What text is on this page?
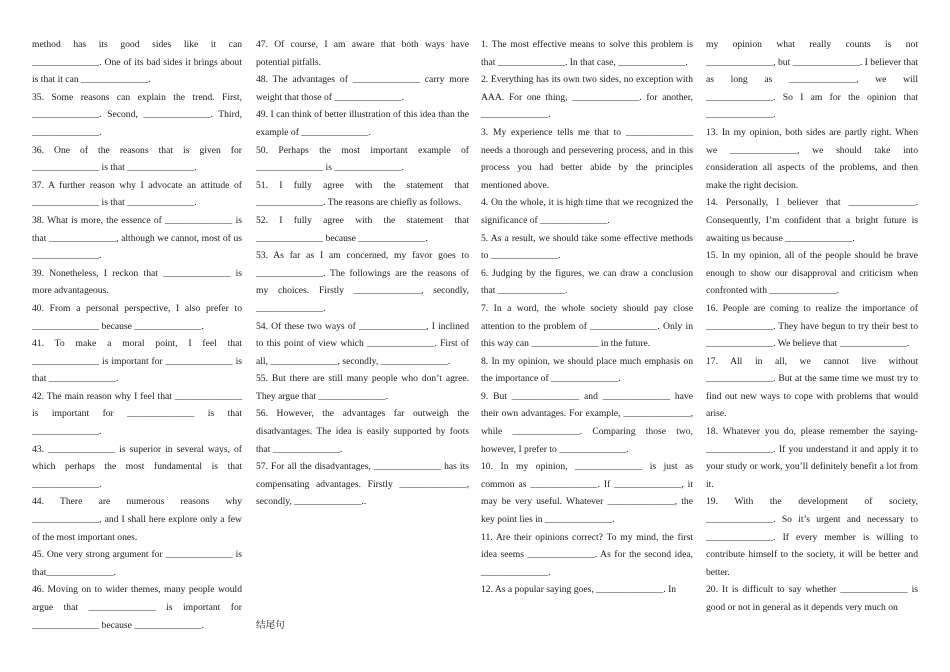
method has its good sides like it can ______________. One of its bad sides it brings about is that it can ______________.

35. Some reasons can explain the trend. First, ______________. Second, ______________. Third, ______________.

36. One of the reasons that is given for ______________ is that ______________.

37. A further reason why I advocate an attitude of ______________ is that ______________.

38. What is more, the essence of ______________ is that ______________, although we cannot, most of us ______________.

39. Nonetheless, I reckon that ______________ is more advantageous.

40. From a personal perspective, I also prefer to ______________ because ______________.

41. To make a moral point, I feel that ______________ is important for ______________ is that ______________.

42. The main reason why I feel that ______________ is important for ______________ is that ______________.

43. ______________ is superior in several ways, of which perhaps the most fundamental is that ______________.

44. There are numerous reasons why ______________, and I shall here explore only a few of the most important ones.

45. One very strong argument for ______________ is that______________.

46. Moving on to wider themes, many people would argue that ______________ is important for ______________ because ______________.

47. Of course, I am aware that both ways have potential pitfalls.

48. The advantages of ______________ carry more weight that those of ______________.

49. I can think of better illustration of this idea than the example of ______________.

50. Perhaps the most important example of ______________ is ______________.

51. I fully agree with the statement that ______________. The reasons are chiefly as follows.

52. I fully agree with the statement that ______________ because ______________.

53. As far as I am concerned, my favor goes to ______________. The followings are the reasons of my choices. Firstly ______________, secondly, ______________.

54. Of these two ways of ______________, I inclined to this point of view which ______________. First of all, ______________, secondly, ______________.

55. But there are still many people who don’t agree. They argue that ______________.

56. However, the advantages far outweigh the disadvantages. The idea is easily supported by foots that ______________.

57. For all the disadvantages, ______________ has its compensating advantages. Firstly ______________, secondly, ______________..

1. The most effective means to solve this problem is that ______________. In that case, ______________.

2. Everything has its own two sides, no exception with AAA. For one thing, ______________. for another, ______________.

3. My experience tells me that to ______________ needs a thorough and persevering process, and in this process you had better abide by the principles mentioned above.

4. On the whole, it is high time that we recognized the significance of ______________.

5. As a result, we should take some effective methods to ______________.

6. Judging by the figures, we can draw a conclusion that ______________.

7. In a word, the whole society should pay close attention to the problem of ______________. Only in this way can ______________ in the future.

8. In my opinion, we should place much emphasis on the importance of ______________.

9. But ______________ and ______________ have their own advantages. For example, ______________, while ______________. Comparing those two, however, I prefer to ______________.

10. In my opinion, ______________ is just as common as ______________. If ______________, it may be very useful. Whatever ______________, the key point lies in ______________.

11. Are their opinions correct? To my mind, the first idea seems ______________. As for the second idea, ______________.

12. As a popular saying goes, ______________. In

my opinion what really counts is not ______________, but ______________. I believer that as long as ______________, we will ______________. So I am for the opinion that ______________.

13. In my opinion, both sides are partly right. When we ______________, we should take into consideration all aspects of the problems, and then make the right decision.

14. Personally, I believer that ______________. Consequently, I’m confident that a bright future is awaiting us because ______________.

15. In my opinion, all of the people should be brave enough to show our disapproval and criticism when confronted with ______________.

16. People are coming to realize the importance of ______________. They have begun to try their best to ______________. We believe that ______________.

17. All in all, we cannot live without ______________. But at the same time we must try to find out new ways to cope with problems that would arise.

18. Whatever you do, please remember the saying- ______________. If you understand it and apply it to your study or work, you’ll definitely benefit a lot from it.

19. With the development of society, ______________. So it’s urgent and necessary to ______________. If every member is willing to contribute himself to the society, it will be better and better.

20. It is difficult to say whether ______________ is good or not in general as it depends very much on

结尾句
